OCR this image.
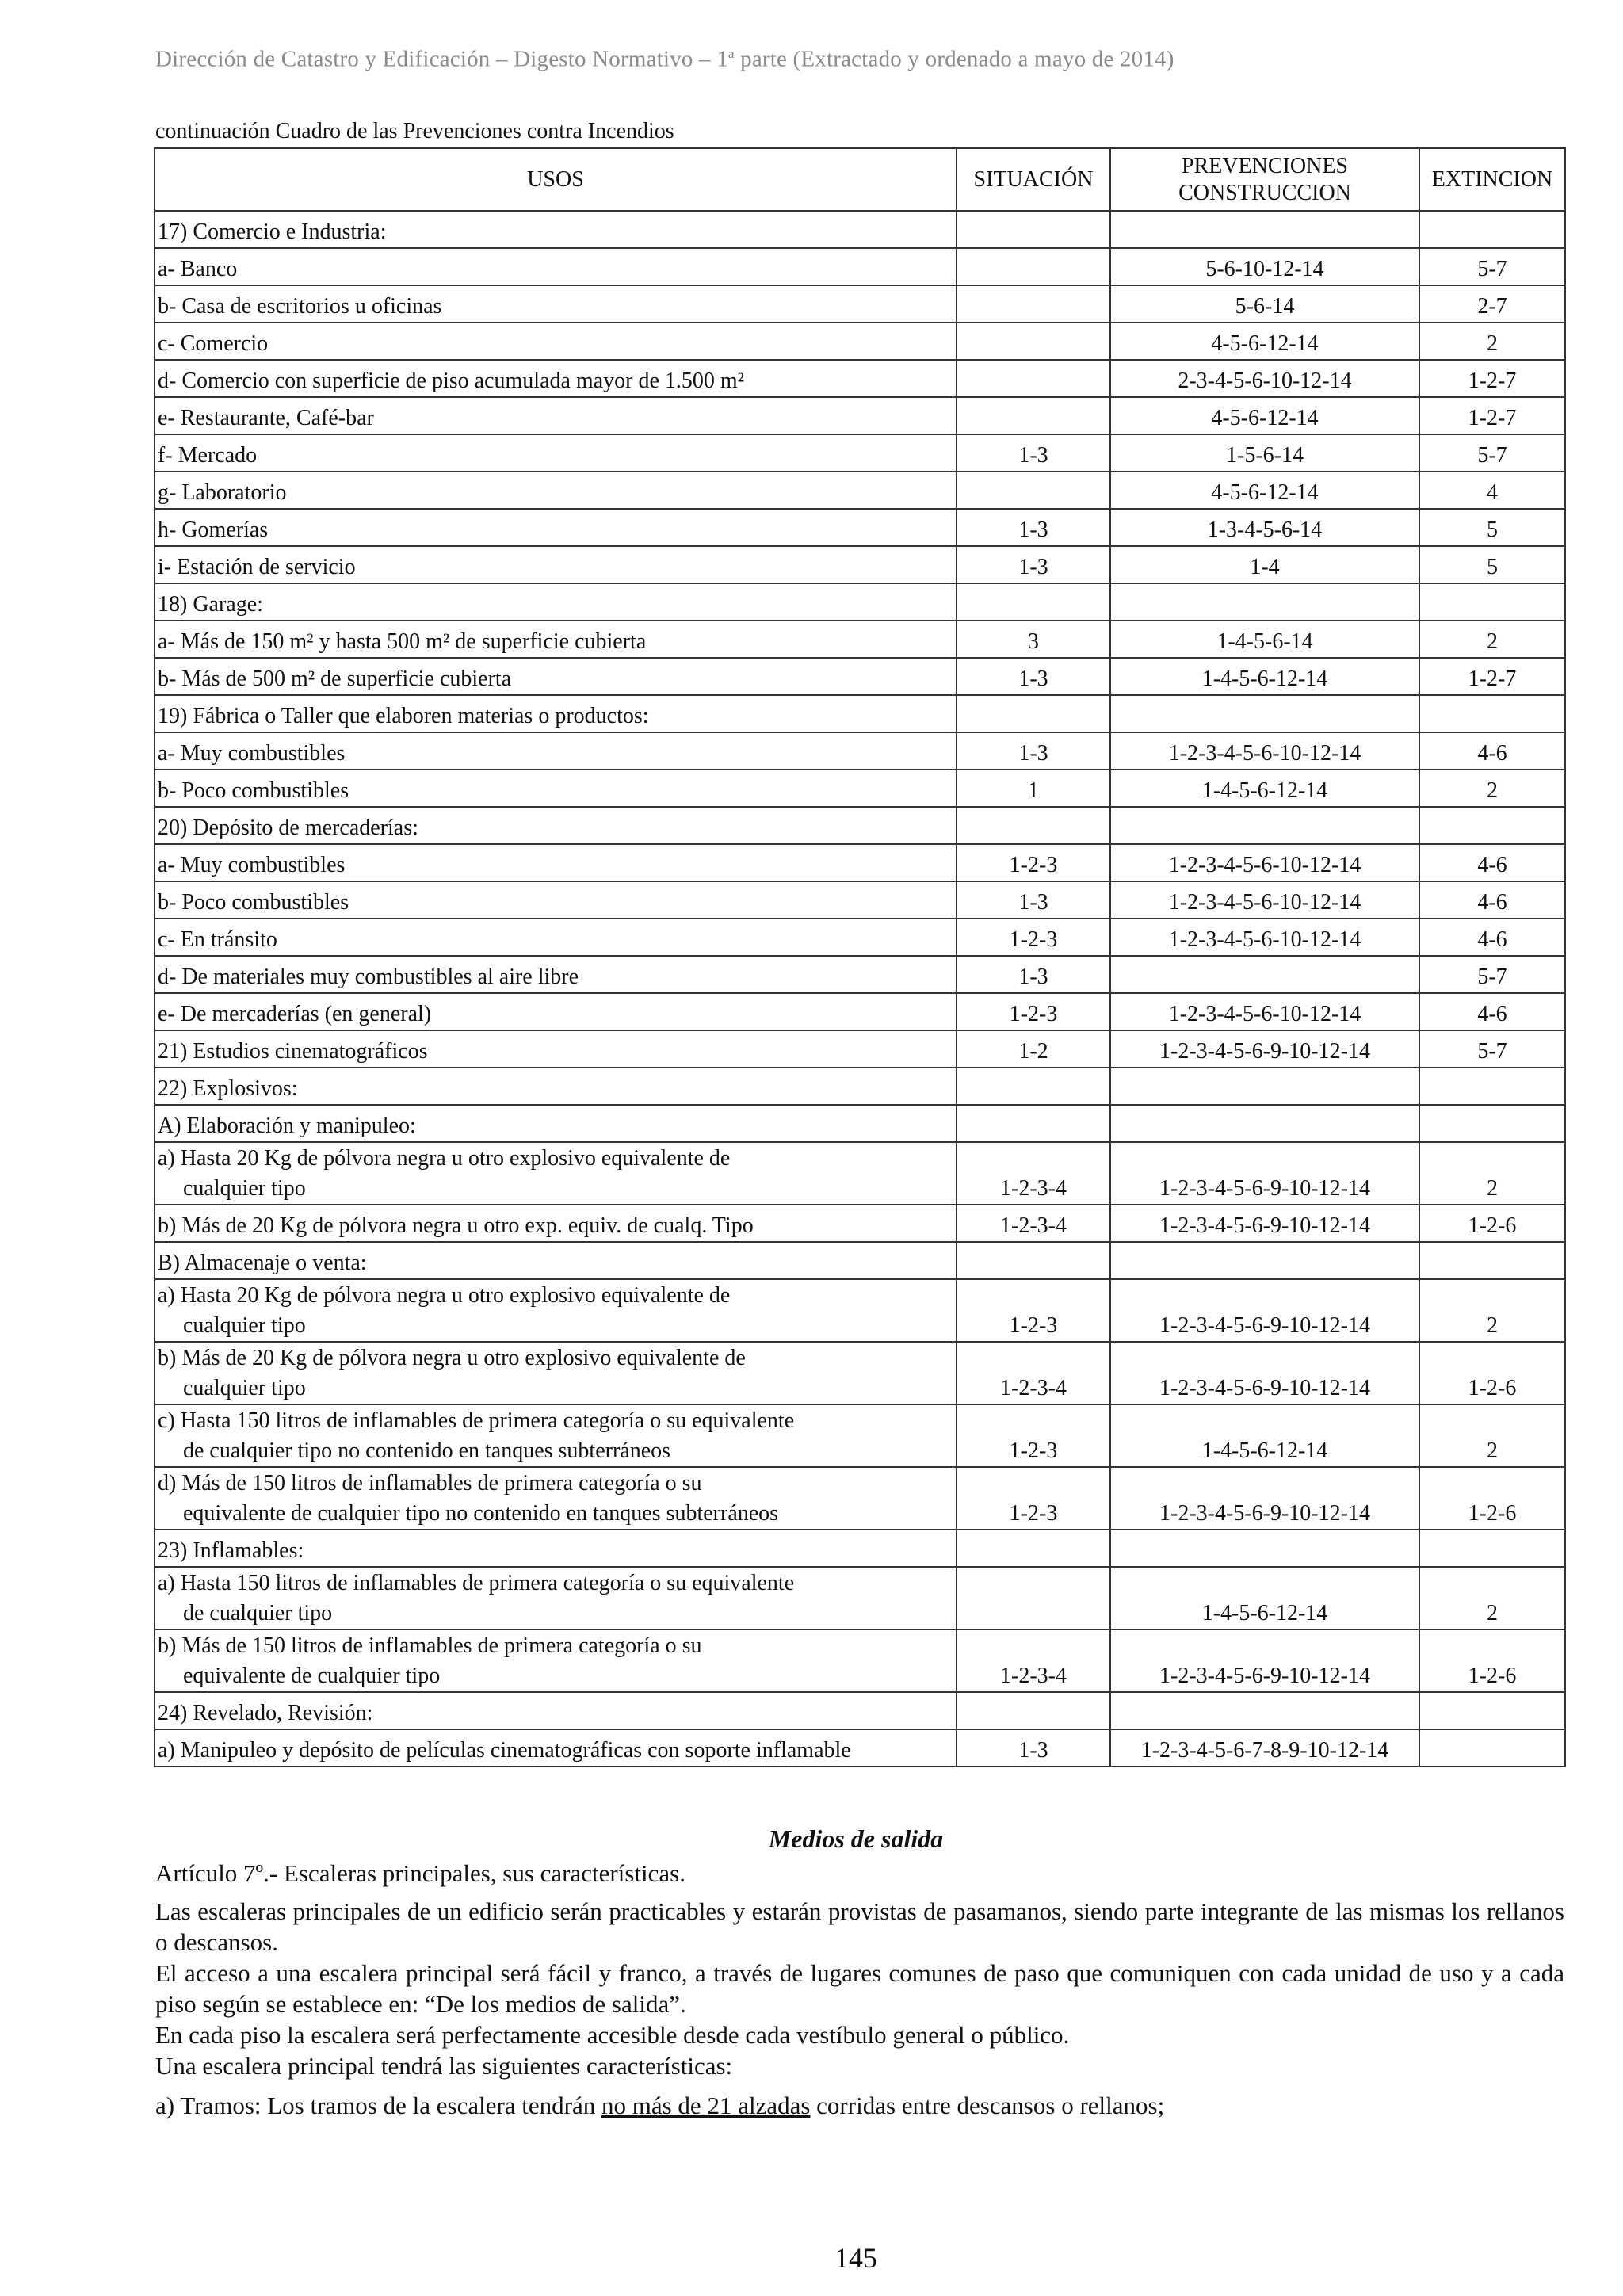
Dirección de Catastro y Edificación – Digesto Normativo – 1$^a$ parte (Extractado y ordenado a mayo de 2014)
continuación Cuadro de las Prevenciones contra Incendios
USOS	SITUACIÓN	PREVENCIONES CONSTRUCCION	EXTINCION
17) Comercio e Industria:			
a- Banco		5-6-10-12-14	5-7
b- Casa de escritorios u oficinas		5-6-14	2-7
c- Comercio		4-5-6-12-14	2
d- Comercio con superficie de piso acumulada mayor de 1.500 m²		2-3-4-5-6-10-12-14	1-2-7
e- Restaurante, Café-bar		4-5-6-12-14	1-2-7
f- Mercado	1-3	1-5-6-14	5-7
g- Laboratorio		4-5-6-12-14	4
h- Gomerías	1-3	1-3-4-5-6-14	5
i- Estación de servicio	1-3	1-4	5
18) Garage:			
a- Más de 150 m² y hasta 500 m² de superficie cubierta	3	1-4-5-6-14	2
b- Más de 500 m² de superficie cubierta	1-3	1-4-5-6-12-14	1-2-7
19) Fábrica o Taller que elaboren materias o productos:			
a- Muy combustibles	1-3	1-2-3-4-5-6-10-12-14	4-6
b- Poco combustibles	1	1-4-5-6-12-14	2
20) Depósito de mercaderías:			
a- Muy combustibles	1-2-3	1-2-3-4-5-6-10-12-14	4-6
b- Poco combustibles	1-3	1-2-3-4-5-6-10-12-14	4-6
c- En tránsito	1-2-3	1-2-3-4-5-6-10-12-14	4-6
d- De materiales muy combustibles al aire libre	1-3		5-7
e- De mercaderías (en general)	1-2-3	1-2-3-4-5-6-10-12-14	4-6
21) Estudios cinematográficos	1-2	1-2-3-4-5-6-9-10-12-14	5-7
22) Explosivos:			
A) Elaboración y manipuleo:			
a) Hasta 20 Kg de pólvora negra u otro explosivo equivalente de
cualquier tipo	1-2-3-4	1-2-3-4-5-6-9-10-12-14	2
b) Más de 20 Kg de pólvora negra u otro exp. equiv. de cualq. Tipo	1-2-3-4	1-2-3-4-5-6-9-10-12-14	1-2-6
B) Almacenaje o venta:			
a) Hasta 20 Kg de pólvora negra u otro explosivo equivalente de
cualquier tipo	1-2-3	1-2-3-4-5-6-9-10-12-14	2
b) Más de 20 Kg de pólvora negra u otro explosivo equivalente de
cualquier tipo	1-2-3-4	1-2-3-4-5-6-9-10-12-14	1-2-6
c) Hasta 150 litros de inflamables de primera categoría o su equivalente
de cualquier tipo no contenido en tanques subterráneos	1-2-3	1-4-5-6-12-14	2
d) Más de 150 litros de inflamables de primera categoría o su
equivalente de cualquier tipo no contenido en tanques subterráneos	1-2-3	1-2-3-4-5-6-9-10-12-14	1-2-6
23) Inflamables:			
a) Hasta 150 litros de inflamables de primera categoría o su equivalente
de cualquier tipo		1-4-5-6-12-14	2
b) Más de 150 litros de inflamables de primera categoría o su
equivalente de cualquier tipo	1-2-3-4	1-2-3-4-5-6-9-10-12-14	1-2-6
24) Revelado, Revisión:			
a) Manipuleo y depósito de películas cinematográficas con soporte inflamable	1-3	1-2-3-4-5-6-7-8-9-10-12-14	
Medios de salida
Artículo 7º.- Escaleras principales, sus características.
Las escaleras principales de un edificio serán practicables y estarán provistas de pasamanos, siendo parte integrante de las mismas los rellanos o descansos.
El acceso a una escalera principal será fácil y franco, a través de lugares comunes de paso que comuniquen con cada unidad de uso y a cada piso según se establece en: “De los medios de salida”.
En cada piso la escalera será perfectamente accesible desde cada vestíbulo general o público.
Una escalera principal tendrá las siguientes características:
a) Tramos: Los tramos de la escalera tendrán no más de 21 alzadas corridas entre descansos o rellanos;
145
